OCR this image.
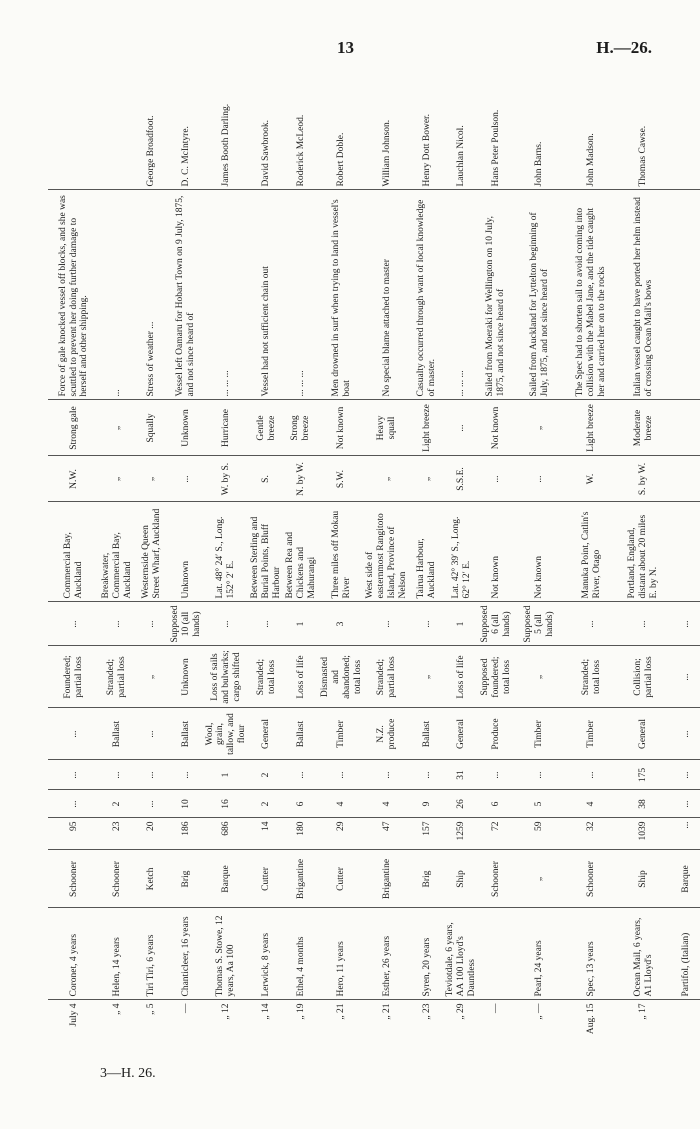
13	H.—26.
July 4	Coronet, 4 years	Schooner	95	...	...	...	Foundered; partial loss	...	Commercial Bay, Auckland	N.W.	Strong gale	Force of gale knocked vessel off blocks, and she was scuttled to prevent her doing further damage to herself and other shipping.	
„ 4	Helen, 14 years	Schooner	23	2	...	Ballast	Stranded; partial loss	...	Breakwater, Commercial Bay, Auckland	„	„	...	
„ 5	Tiri Tiri, 6 years	Ketch	20	...	...	...	„	...	Westernside Queen Street Wharf, Auckland	„	Squally	Stress of weather ...	George Broadfoot.
—	Chanticleer, 16 years	Brig	186	10	...	Ballast	Unknown	Supposed 10 (all hands)	Unknown	...	Unknown	Vessel left Oamaru for Hobart Town on 9 July, 1875, and not since heard of	D. C. McIntyre.
„ 12	Thomas S. Stowe, 12 years, Aa 100	Barque	686	16	1	Wool, grain, tallow, and flour	Loss of sails and bulwarks; cargo shifted	...	Lat. 48° 24′ S., Long. 152° 2′ E.	W. by S.	Hurricane	... ... ...	James Booth Darling.
„ 14	Lerwick, 8 years	Cutter	14	2	2	General	Stranded; total loss	...	Between Sterling and Burial Points, Bluff Harbour	S.	Gentle breeze	Vessel had not sufficient chain out	David Sawbrook.
„ 19	Ethel, 4 months	Brigantine	180	6	...	Ballast	Loss of life	1	Between Rea and Chickens and Mahurangi	N. by W.	Strong breeze	... ... ...	Roderick McLeod.
„ 21	Hero, 11 years	Cutter	29	4	...	Timber	Dismasted and abandoned; total loss	3	Three miles off Mokau River	S.W.	Not known	Men drowned in surf when trying to land in vessel's boat	Robert Doble.
„ 21	Esther, 26 years	Brigantine	47	4	...	N.Z. produce	Stranded; partial loss	...	West side of easternmost Rangitoto Island, Province of Nelson	„	Heavy squall	No special blame attached to master	William Johnson.
„ 23	Syren, 20 years	Brig	157	9	...	Ballast	„	...	Tairua Harbour, Auckland	„	Light breeze	Casualty occurred through want of local knowledge of master.	Henry Dott Bower.
„ 29	Teviotdale, 6 years, AA 100 Lloyd's Dauntless	Ship	1259	26	31	General	Loss of life	1	Lat. 42° 39′ S., Long. 62° 12′ E.	S.S.E.	...	... ... ...	Lauchlan Nicol.
—		Schooner	72	6	...	Produce	Supposed foundered; total loss	Supposed 6 (all hands)	Not known	...	Not known	Sailed from Moeraki for Wellington on 10 July, 1875, and not since heard of	Hans Peter Poulson.
„ —	Pearl, 24 years	„	59	5	...	Timber	„	Supposed 5 (all hands)	Not known	...	„	Sailed from Auckland for Lyttelton beginning of July, 1875, and not since heard of	John Barns.
Aug. 15	Spec, 13 years	Schooner	32	4	...	Timber	Stranded; total loss	...	Manuka Point, Catlin's River, Otago	W.	Light breeze	The Spec had to shorten sail to avoid coming into collision with the Mabel Jane, and the tide caught her and carried her on to the rocks	John Madson.
„ 17	Ocean Mail, 6 years, A1 Lloyd's	Ship	1039	38	175	General	Collision; partial loss	...	Portland, England, distant about 20 miles E. by N.	S. by W.	Moderate breeze	Italian vessel caught to have ported her helm instead of crossing Ocean Mail's bows	Thomas Cawse.
	Partifol, (Italian)	Barque	...	...	...	...	...	...					
3—H. 26.
